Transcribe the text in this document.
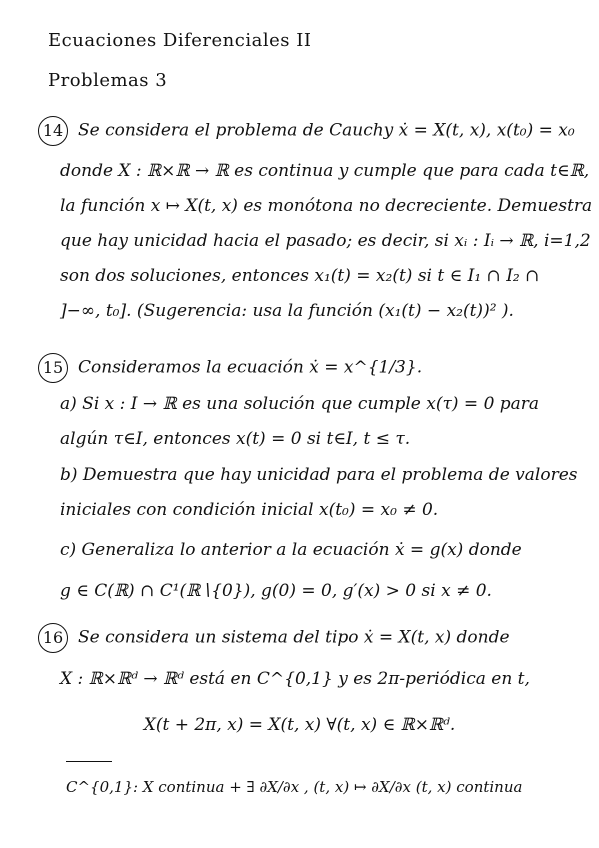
Ecuaciones Diferenciales II
Problemas 3
14 Se considera el problema de Cauchy ẋ = X(t, x), x(t₀) = x₀
donde X : ℝ×ℝ → ℝ es continua y cumple que para cada t∈ℝ,
la función x ↦ X(t, x) es monótona no decreciente. Demuestra
que hay unicidad hacia el pasado; es decir, si xᵢ : Iᵢ → ℝ, i=1,2
son dos soluciones, entonces x₁(t) = x₂(t) si t ∈ I₁ ∩ I₂ ∩
]−∞, t₀]. (Sugerencia: usa la función (x₁(t) − x₂(t))² ).
15 Consideramos la ecuación ẋ = x^{1/3}.
a) Si x : I → ℝ es una solución que cumple x(τ) = 0 para
algún τ∈I, entonces x(t) = 0 si t∈I, t ≤ τ.
b) Demuestra que hay unicidad para el problema de valores
iniciales con condición inicial x(t₀) = x₀ ≠ 0.
c) Generaliza lo anterior a la ecuación ẋ = g(x) donde
g ∈ C(ℝ) ∩ C¹(ℝ∖{0}), g(0) = 0, g′(x) > 0 si x ≠ 0.
16 Se considera un sistema del tipo ẋ = X(t, x) donde
X : ℝ×ℝᵈ → ℝᵈ está en C^{0,1} y es 2π-periódica en t,
X(t + 2π, x) = X(t, x) ∀(t, x) ∈ ℝ×ℝᵈ.
C^{0,1}: X continua + ∃ ∂X/∂x , (t, x) ↦ ∂X/∂x (t, x) continua
